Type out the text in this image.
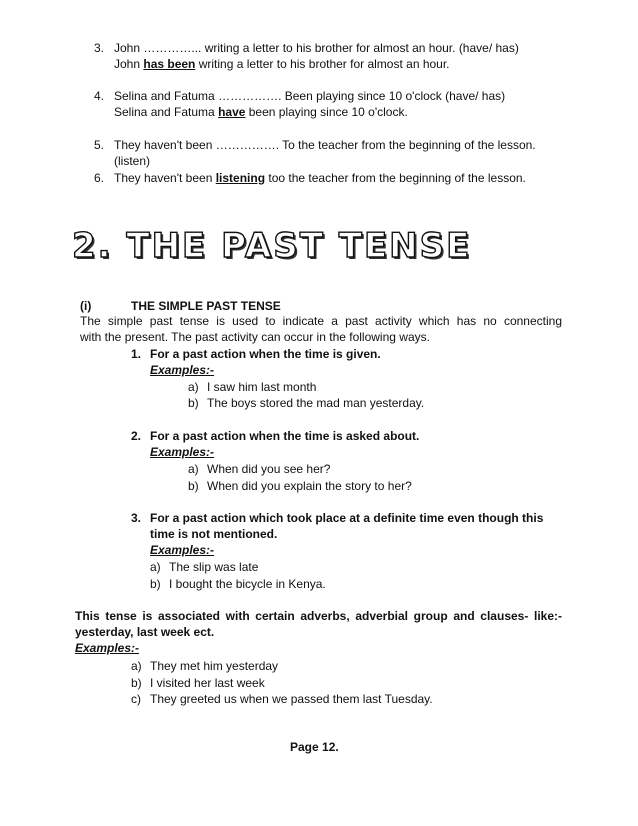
3. John …………... writing a letter to his brother for almost an hour. (have/ has)
John has been writing a letter to his brother for almost an hour.
4. Selina and Fatuma ……………. Been playing since 10 o'clock (have/ has)
Selina and Fatuma have been playing since 10 o'clock.
5. They haven't been ……………. To the teacher from the beginning of the lesson.
(listen)
6. They haven't been listening too the teacher from the beginning of the lesson.
2. THE PAST TENSE
(i)	THE SIMPLE PAST TENSE
The simple past tense is used to indicate a past activity which has no connecting
with the present. The past activity can occur in the following ways.
1. For a past action when the time is given.
Examples:-
a) I saw him last month
b) The boys stored the mad man yesterday.
2. For a past action when the time is asked about.
Examples:-
a) When did you see her?
b) When did you explain the story to her?
3. For a past action which took place at a definite time even though this
time is not mentioned.
Examples:-
a) The slip was late
b) I bought the bicycle in Kenya.
This tense is associated with certain adverbs, adverbial group and clauses- like:-
yesterday, last week ect.
Examples:-
a) They met him yesterday
b) I visited her last week
c) They greeted us when we passed them last Tuesday.
Page 12.
